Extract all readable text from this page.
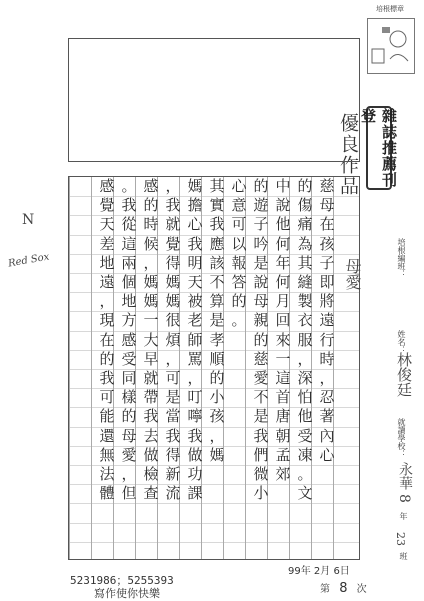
培根標章
雜誌推薦刊登
優良作品
N
Red Sox
慈
母
在
孩
子
即
將
遠
行
時
，
忍
著
內
心
的
傷
痛
為
其
縫
製
衣
服
，
深
怕
他
受
凍
。
文
中
說
他
何
年
何
月
回
來
一
這
首
唐
朝
孟
郊
的
遊
子
吟
是
說
母
親
的
慈
愛
不
是
我
們
微
小
心
意
可
以
報
答
的
。
其
實
我
應
該
不
算
是
孝
順
的
小
孩
，
媽
媽
擔
心
我
明
天
被
老
師
罵
，
叮
嚀
我
做
功
課
，
我
就
覺
得
媽
媽
很
煩
，
可
是
當
我
得
新
流
感
的
時
候
，
媽
媽
一
大
早
就
帶
我
去
做
檢
查
。
我
從
這
兩
個
地
方
感
受
同
樣
的
母
愛
，
但
感
覺
天
差
地
遠
，
現
在
的
我
可
能
還
無
法
體
培根編班：
姓名：
林俊廷
就讀學校：
永華
8
年
23
班
母愛
99年 2月 6日
第 8 次
5231986；5255393
寫作使你快樂
